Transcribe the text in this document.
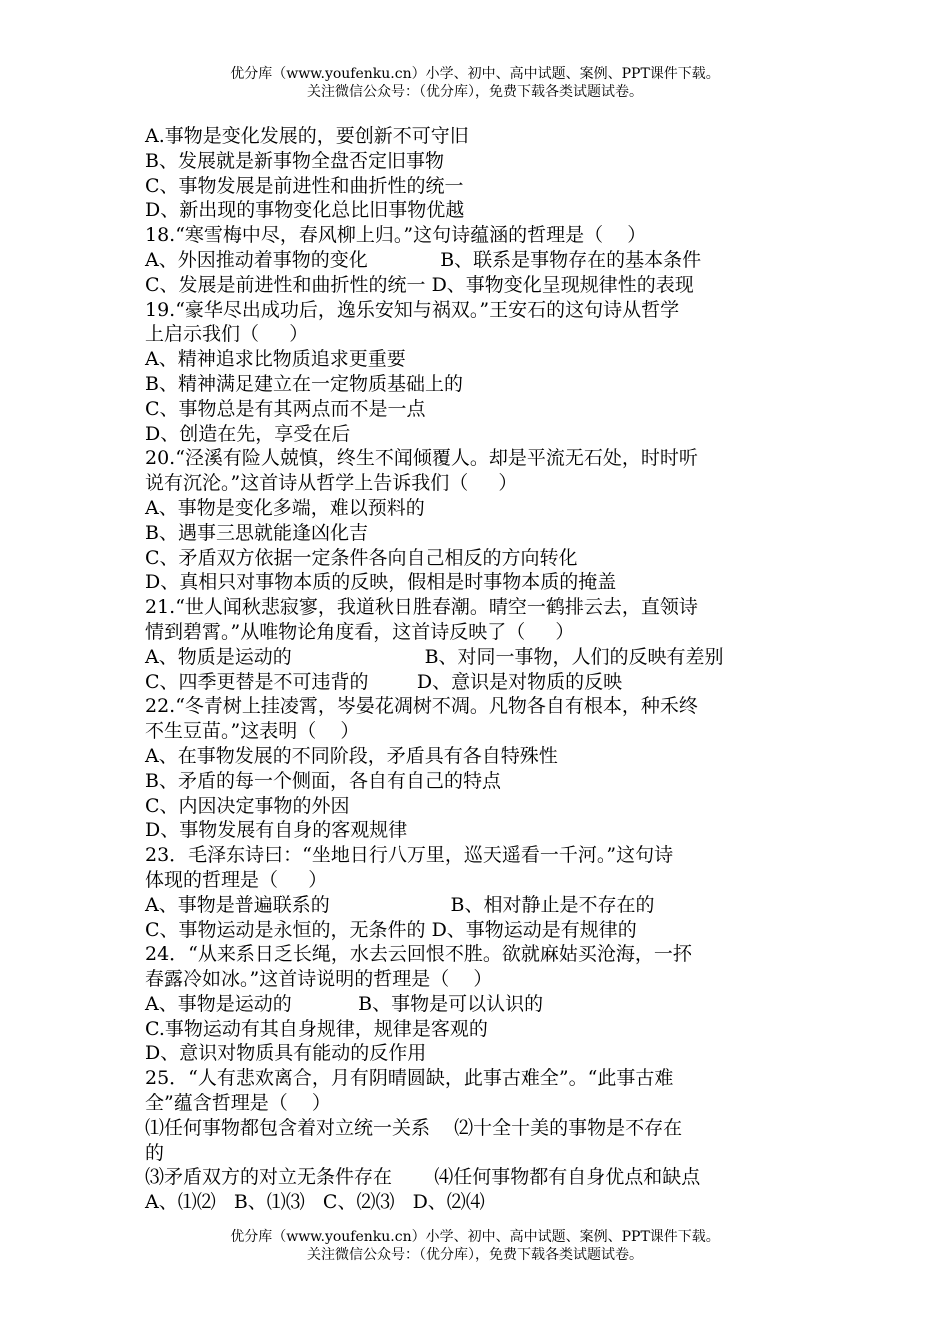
优分库（www.youfenku.cn）小学、初中、高中试题、案例、PPT课件下载。
关注微信公众号：（优分库），免费下载各类试题试卷。
A.事物是变化发展的，要创新不可守旧
B、发展就是新事物全盘否定旧事物
C、事物发展是前进性和曲折性的统一
D、新出现的事物变化总比旧事物优越
18.“寒雪梅中尽，春风柳上归。”这句诗蕴涵的哲理是（    ）
A、外因推动着事物的变化            B、联系是事物存在的基本条件
C、发展是前进性和曲折性的统一 D、事物变化呈现规律性的表现
19.“豪华尽出成功后，逸乐安知与祸双。”王安石的这句诗从哲学
上启示我们（     ）
A、精神追求比物质追求更重要
B、精神满足建立在一定物质基础上的
C、事物总是有其两点而不是一点
D、创造在先，享受在后
20.“泾溪有险人兢慎，终生不闻倾覆人。却是平流无石处，时时听
说有沉沦。”这首诗从哲学上告诉我们（     ）
A、事物是变化多端，难以预料的
B、遇事三思就能逢凶化吉
C、矛盾双方依据一定条件各向自己相反的方向转化
D、真相只对事物本质的反映，假相是时事物本质的掩盖
21.“世人闻秋悲寂寥，我道秋日胜春潮。晴空一鹤排云去，直领诗
情到碧霄。”从唯物论角度看，这首诗反映了（     ）
A、物质是运动的                      B、对同一事物，人们的反映有差别
C、四季更替是不可违背的        D、意识是对物质的反映
22.“冬青树上挂凌霄，岑晏花凋树不凋。凡物各自有根本，种禾终
不生豆苗。”这表明（    ）
A、在事物发展的不同阶段，矛盾具有各自特殊性
B、矛盾的每一个侧面，各自有自己的特点
C、内因决定事物的外因
D、事物发展有自身的客观规律
23．毛泽东诗曰：“坐地日行八万里，巡天遥看一千河。”这句诗
体现的哲理是（     ）
A、事物是普遍联系的                    B、相对静止是不存在的
C、事物运动是永恒的，无条件的 D、事物运动是有规律的
24．“从来系日乏长绳，水去云回恨不胜。欲就麻姑买沧海，一抔
春露冷如冰。”这首诗说明的哲理是（    ）
A、事物是运动的           B、事物是可以认识的
C.事物运动有其自身规律，规律是客观的
D、意识对物质具有能动的反作用
25．“人有悲欢离合，月有阴晴圆缺，此事古难全”。“此事古难
全”蕴含哲理是（    ）
⑴任何事物都包含着对立统一关系    ⑵十全十美的事物是不存在
的
⑶矛盾双方的对立无条件存在       ⑷任何事物都有自身优点和缺点
A、⑴⑵   B、⑴⑶   C、⑵⑶   D、⑵⑷
优分库（www.youfenku.cn）小学、初中、高中试题、案例、PPT课件下载。
关注微信公众号：（优分库），免费下载各类试题试卷。
